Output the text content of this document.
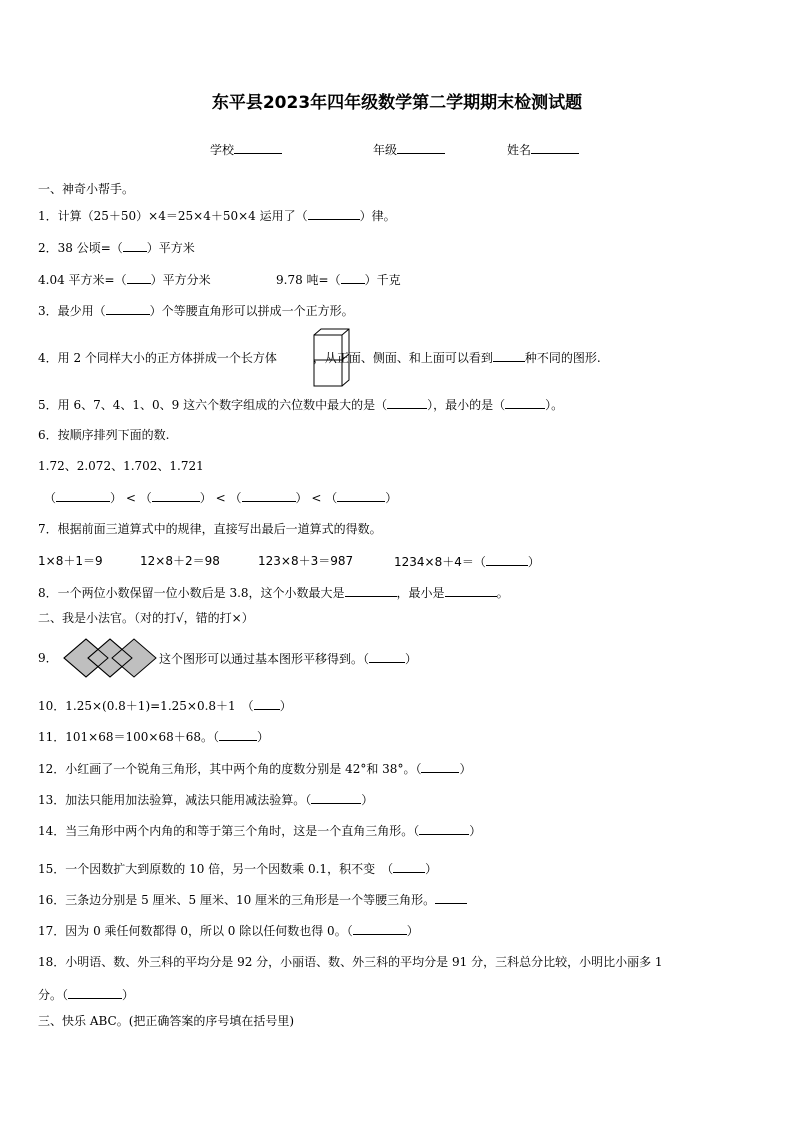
东平县2023年四年级数学第二学期期末检测试题
学校	年级	姓名
一、神奇小帮手。
1．计算（25＋50）×4＝25×4＋50×4 运用了（	）律。
2．38 公顷=（ ）平方米
4.04 平方米=（ ）平方分米	9.78 吨=（ ）千克
3．最少用（	）个等腰直角形可以拼成一个正方形。
4．用 2 个同样大小的正方体拼成一个长方体	，从正面、侧面、和上面可以看到	种不同的图形.
5．用 6、7、4、1、0、9 这六个数字组成的六位数中最大的是（	），最小的是（	）。
6．按顺序排列下面的数.
1.72、2.072、1.702、1.721
（	） < （	） < （	） < （	）
7．根据前面三道算式中的规律，直接写出最后一道算式的得数。
1×8＋1＝9	12×8＋2＝98	123×8＋3＝987	1234×8＋4＝（	）
8．一个两位小数保留一位小数后是 3.8，这个小数最大是	，最小是	。
二、我是小法官。（对的打√，错的打×）
9．	这个图形可以通过基本图形平移得到。（	）
10．1.25×(0.8＋1)=1.25×0.8＋1　（ ）
11．101×68＝100×68＋68。（	）
12．小红画了一个锐角三角形，其中两个角的度数分别是 42°和 38°。（	）
13．加法只能用加法验算，减法只能用减法验算。（	）
14．当三角形中两个内角的和等于第三个角时，这是一个直角三角形。（	）
15．一个因数扩大到原数的 10 倍，另一个因数乘 0.1，积不变　（	）
16．三条边分别是 5 厘米、5 厘米、10 厘米的三角形是一个等腰三角形。
17．因为 0 乘任何数都得 0，所以 0 除以任何数也得 0。（	）
18．小明语、数、外三科的平均分是 92 分，小丽语、数、外三科的平均分是 91 分，三科总分比较，小明比小丽多 1
分。（	）
三、快乐 ABC。(把正确答案的序号填在括号里)
